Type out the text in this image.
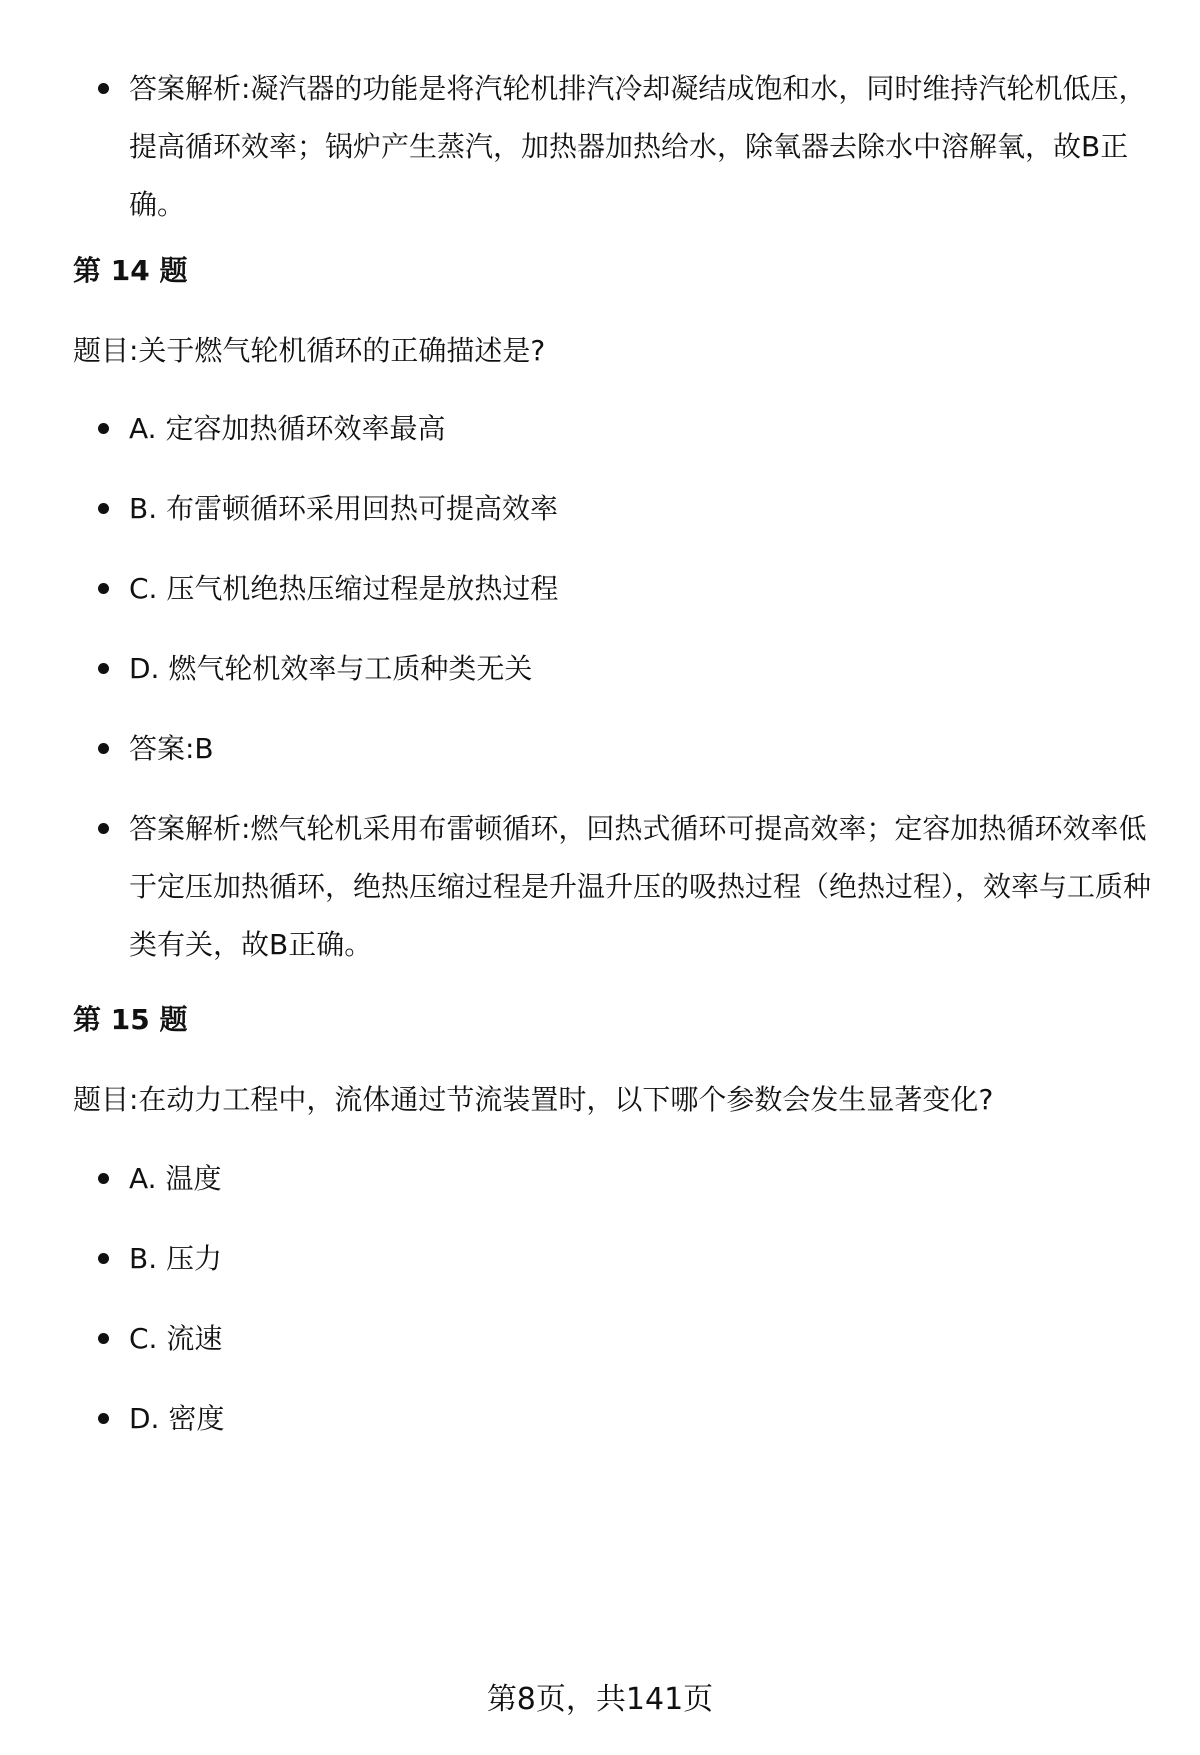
答案解析:凝汽器的功能是将汽轮机排汽冷却凝结成饱和水，同时维持汽轮机低压，提高循环效率；锅炉产生蒸汽，加热器加热给水，除氧器去除水中溶解氧，故B正确。
第 14 题
题目:关于燃气轮机循环的正确描述是?
A. 定容加热循环效率最高
B. 布雷顿循环采用回热可提高效率
C. 压气机绝热压缩过程是放热过程
D. 燃气轮机效率与工质种类无关
答案:B
答案解析:燃气轮机采用布雷顿循环，回热式循环可提高效率；定容加热循环效率低于定压加热循环，绝热压缩过程是升温升压的吸热过程（绝热过程），效率与工质种类有关，故B正确。
第 15 题
题目:在动力工程中，流体通过节流装置时，以下哪个参数会发生显著变化?
A. 温度
B. 压力
C. 流速
D. 密度
第8页，共141页
